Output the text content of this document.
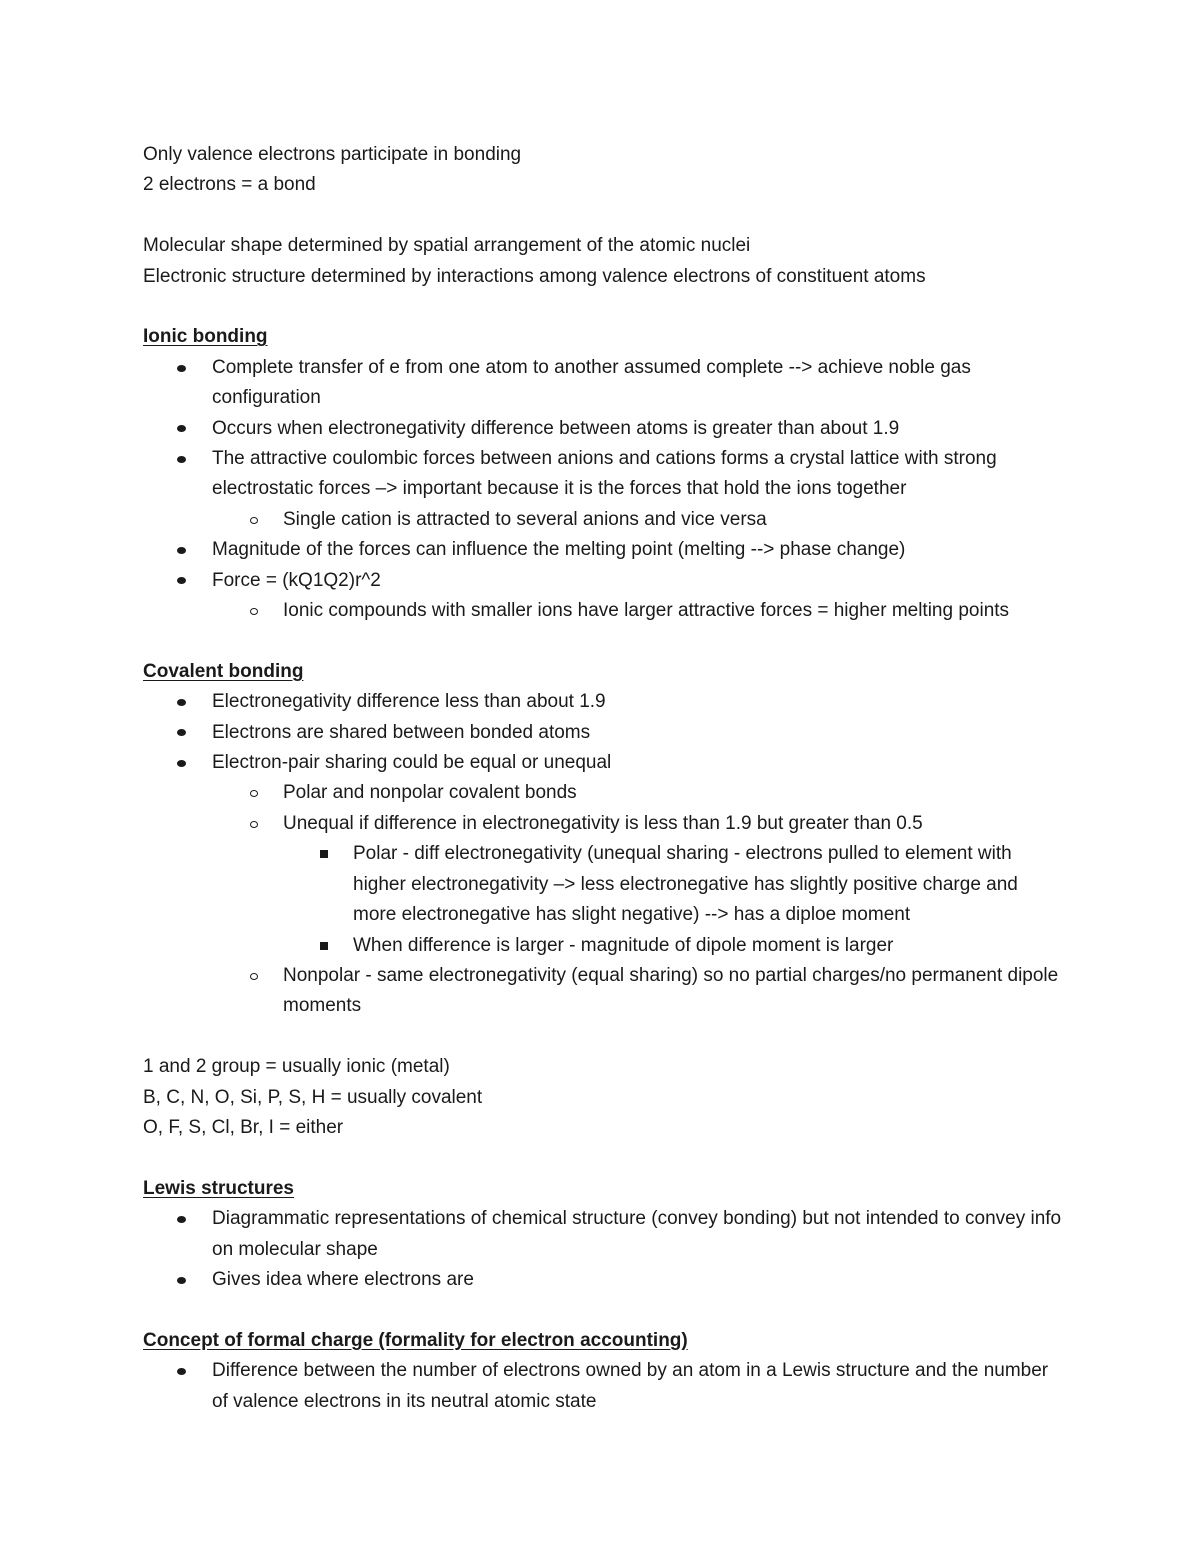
Only valence electrons participate in bonding

2 electrons = a bond

Molecular shape determined by spatial arrangement of the atomic nuclei

Electronic structure determined by interactions among valence electrons of constituent atoms

Ionic bonding

Complete transfer of e from one atom to another assumed complete --> achieve noble gas configuration
Occurs when electronegativity difference between atoms is greater than about 1.9
The attractive coulombic forces between anions and cations forms a crystal lattice with strong electrostatic forces –> important because it is the forces that hold the ions together
Single cation is attracted to several anions and vice versa
Magnitude of the forces can influence the melting point (melting --> phase change)
Force = (kQ1Q2)r^2
Ionic compounds with smaller ions have larger attractive forces = higher melting points

Covalent bonding

Electronegativity difference less than about 1.9
Electrons are shared between bonded atoms
Electron-pair sharing could be equal or unequal
Polar and nonpolar covalent bonds
Unequal if difference in electronegativity is less than 1.9 but greater than 0.5
Polar - diff electronegativity (unequal sharing - electrons pulled to element with higher electronegativity –> less electronegative has slightly positive charge and more electronegative has slight negative) --> has a diploe moment
When difference is larger - magnitude of dipole moment is larger
Nonpolar - same electronegativity (equal sharing) so no partial charges/no permanent dipole moments

1 and 2 group = usually ionic (metal)

B, C, N, O, Si, P, S, H = usually covalent

O, F, S, Cl, Br, I = either

Lewis structures

Diagrammatic representations of chemical structure (convey bonding) but not intended to convey info on molecular shape
Gives idea where electrons are

Concept of formal charge (formality for electron accounting)

Difference between the number of electrons owned by an atom in a Lewis structure and the number of valence electrons in its neutral atomic state
